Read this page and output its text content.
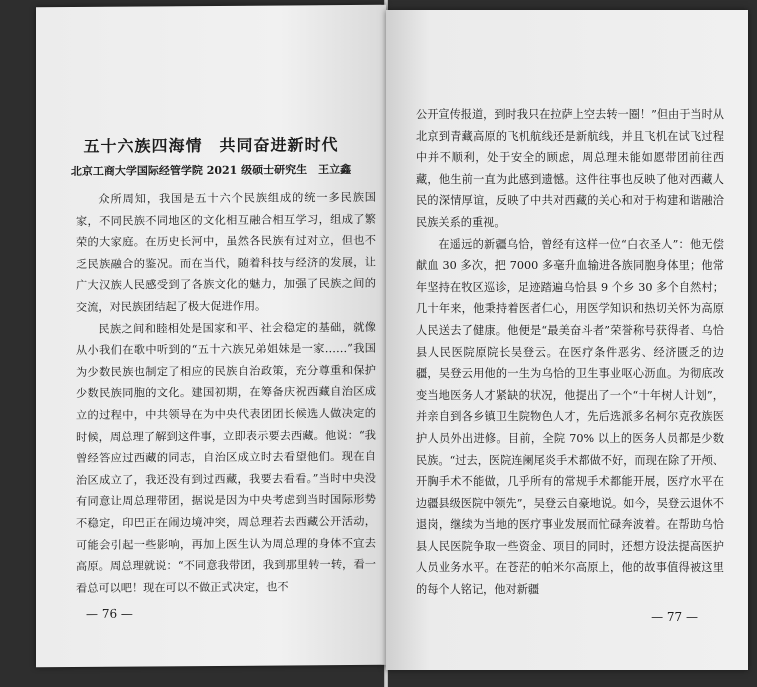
五十六族四海情　共同奋进新时代
北京工商大学国际经管学院 2021 级硕士研究生　王立鑫

众所周知，我国是五十六个民族组成的统一多民族国家，不同民族不同地区的文化相互融合相互学习，组成了繁荣的大家庭。在历史长河中，虽然各民族有过对立，但也不乏民族融合的鉴况。而在当代，随着科技与经济的发展，让广大汉族人民感受到了各族文化的魅力，加强了民族之间的交流，对民族团结起了极大促进作用。

民族之间和睦相处是国家和平、社会稳定的基础，就像从小我们在歌中听到的“五十六族兄弟姐妹是一家……”我国为少数民族也制定了相应的民族自治政策，充分尊重和保护少数民族同胞的文化。建国初期，在筹备庆祝西藏自治区成立的过程中，中共领导在为中央代表团团长候选人做决定的时候，周总理了解到这件事，立即表示要去西藏。他说：“我曾经答应过西藏的同志，自治区成立时去看望他们。现在自治区成立了，我还没有到过西藏，我要去看看。”当时中央没有同意让周总理带团，据说是因为中央考虑到当时国际形势不稳定，印巴正在闹边境冲突，周总理若去西藏公开活动，可能会引起一些影响，再加上医生认为周总理的身体不宜去高原。周总理就说：“不同意我带团，我到那里转一转，看一看总可以吧！现在可以不做正式决定，也不

— 76 —

公开宣传报道，到时我只在拉萨上空去转一圈！”但由于当时从北京到青藏高原的飞机航线还是新航线，并且飞机在试飞过程中并不顺利，处于安全的顾虑，周总理未能如愿带团前往西藏，他生前一直为此感到遗憾。这件往事也反映了他对西藏人民的深情厚谊，反映了中共对西藏的关心和对于构建和谐融洽民族关系的重视。

在遥远的新疆乌恰，曾经有这样一位“白衣圣人”：他无偿献血 30 多次，把 7000 多毫升血输进各族同胞身体里；他常年坚持在牧区巡诊，足迹踏遍乌恰县 9 个乡 30 多个自然村；几十年来，他秉持着医者仁心，用医学知识和热切关怀为高原人民送去了健康。他便是“最美奋斗者”荣誉称号获得者、乌恰县人民医院原院长吴登云。在医疗条件恶劣、经济匮乏的边疆，吴登云用他的一生为乌恰的卫生事业呕心沥血。为彻底改变当地医务人才紧缺的状况，他提出了一个“十年树人计划”，并亲自到各乡镇卫生院物色人才，先后选派多名柯尔克孜族医护人员外出进修。目前，全院 70% 以上的医务人员都是少数民族。“过去，医院连阑尾炎手术都做不好，而现在除了开颅、开胸手术不能做，几乎所有的常规手术都能开展，医疗水平在边疆县级医院中领先”，吴登云自豪地说。如今，吴登云退休不退岗，继续为当地的医疗事业发展而忙碌奔波着。在帮助乌恰县人民医院争取一些资金、项目的同时，还想方设法提高医护人员业务水平。在苍茫的帕米尔高原上，他的故事值得被这里的每个人铭记，他对新疆

— 77 —
